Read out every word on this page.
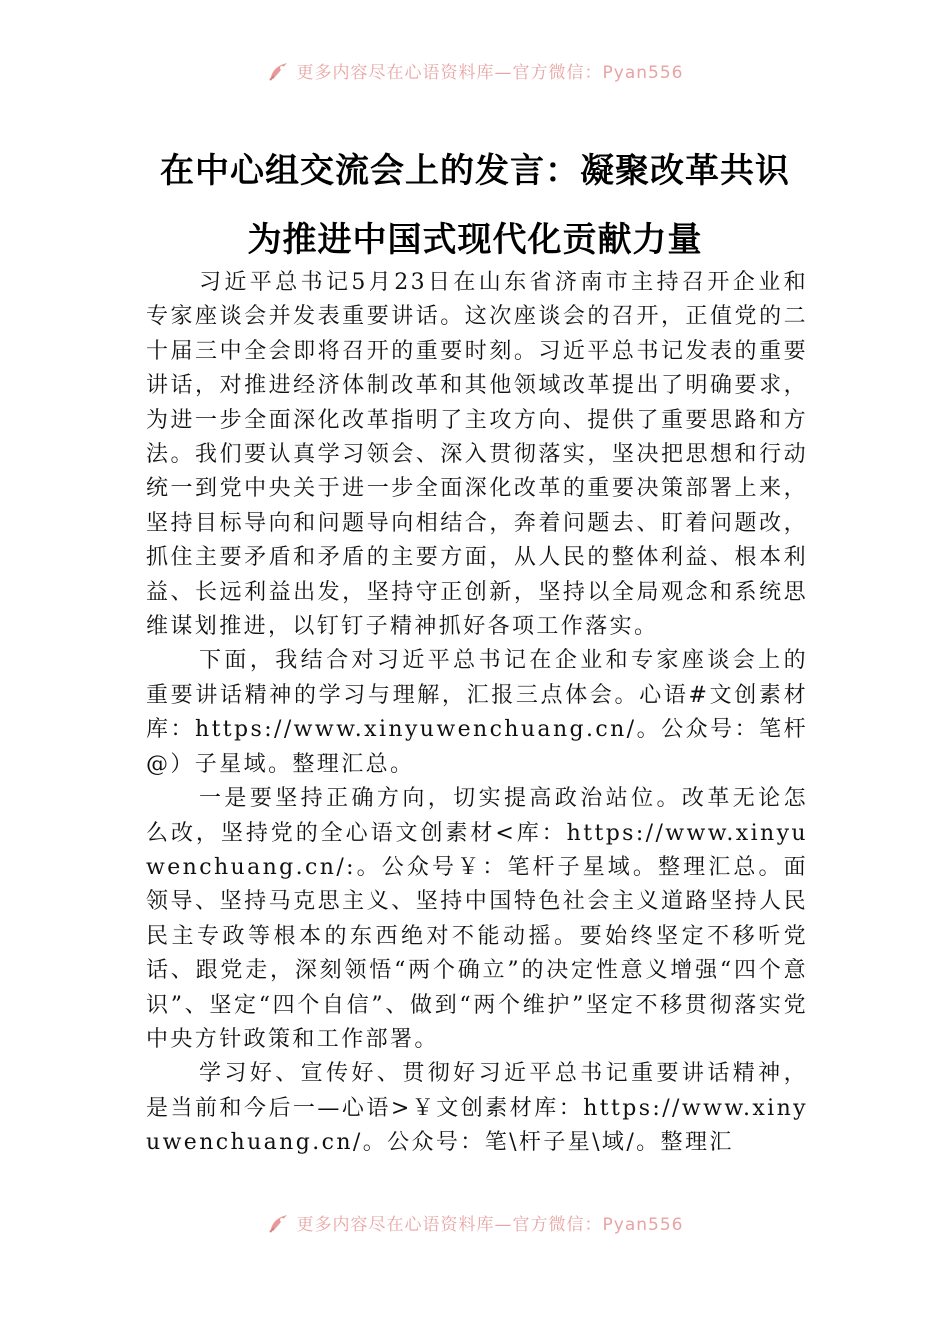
更多内容尽在心语资料库—官方微信：Pyan556
在中心组交流会上的发言：凝聚改革共识
为推进中国式现代化贡献力量

习近平总书记5月23日在山东省济南市主持召开企业和专家座谈会并发表重要讲话。这次座谈会的召开，正值党的二十届三中全会即将召开的重要时刻。习近平总书记发表的重要讲话，对推进经济体制改革和其他领域改革提出了明确要求，为进一步全面深化改革指明了主攻方向、提供了重要思路和方法。我们要认真学习领会、深入贯彻落实，坚决把思想和行动统一到党中央关于进一步全面深化改革的重要决策部署上来，坚持目标导向和问题导向相结合，奔着问题去、盯着问题改，抓住主要矛盾和矛盾的主要方面，从人民的整体利益、根本利益、长远利益出发，坚持守正创新，坚持以全局观念和系统思维谋划推进，以钉钉子精神抓好各项工作落实。

下面，我结合对习近平总书记在企业和专家座谈会上的重要讲话精神的学习与理解，汇报三点体会。心语#文创素材库：https://www.xinyuwenchuang.cn/。公众号：笔杆@）子星域。整理汇总。

一是要坚持正确方向，切实提高政治站位。改革无论怎么改，坚持党的全心语文创素材<库：https://www.xinyuwenchuang.cn/:。公众号￥：笔杆子星域。整理汇总。面领导、坚持马克思主义、坚持中国特色社会主义道路坚持人民民主专政等根本的东西绝对不能动摇。要始终坚定不移听党话、跟党走，深刻领悟“两个确立”的决定性意义增强“四个意识”、坚定“四个自信”、做到“两个维护”坚定不移贯彻落实党中央方针政策和工作部署。

学习好、宣传好、贯彻好习近平总书记重要讲话精神，是当前和今后一—心语>￥文创素材库：https://www.xinyuwenchuang.cn/。公众号：笔\杆子星\域/。整理汇

更多内容尽在心语资料库—官方微信：Pyan556
